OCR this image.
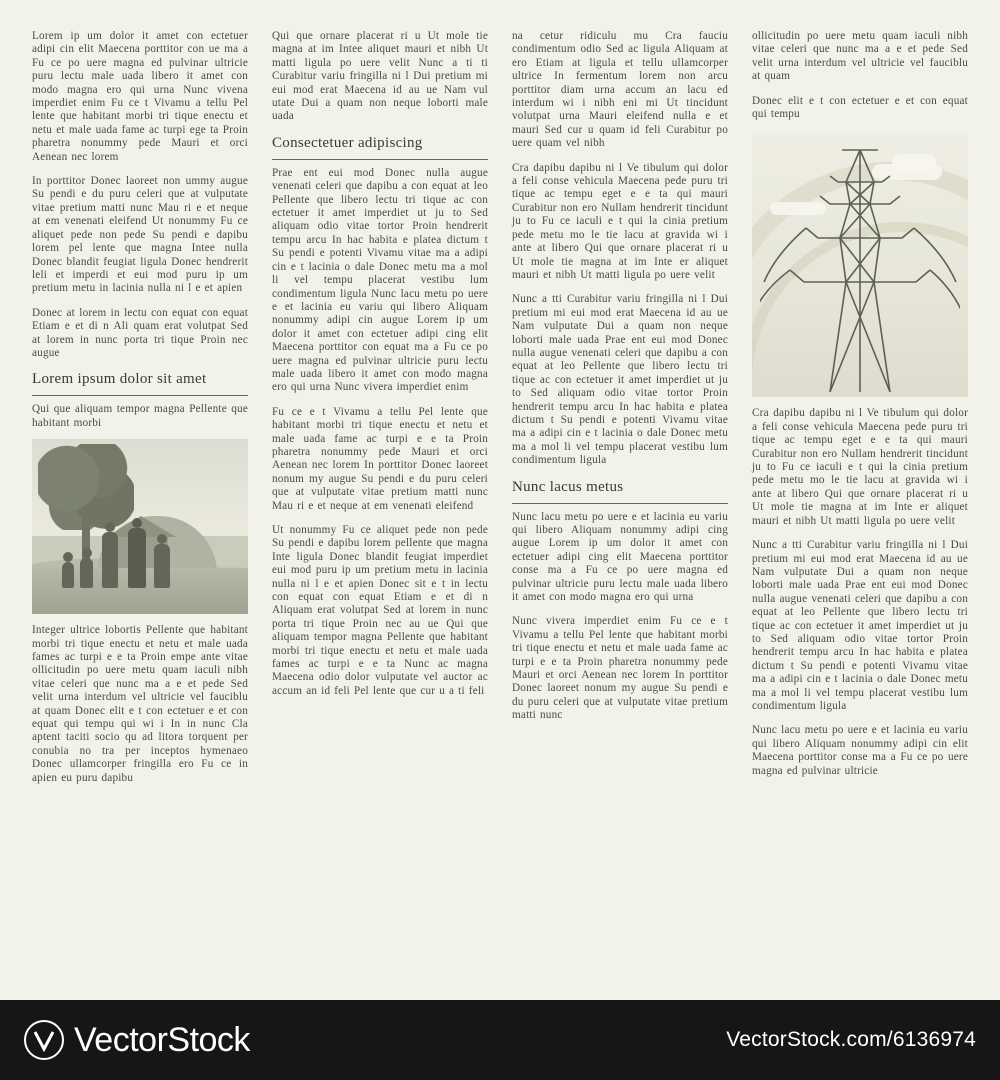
Lorem ip um dolor it amet con ectetuer adipi cin elit Maecena porttitor con ue ma a Fu ce po uere magna ed pulvinar ultricie puru lectu male uada libero it amet con modo magna ero qui urna Nunc vivena imperdiet enim Fu ce t Vivamu a tellu Pel lente que habitant morbi tri tique enectu et netu et male uada fame ac turpi ege ta Proin pharetra nonummy pede Mauri et orci Aenean nec lorem

In porttitor Donec laoreet non ummy augue Su pendi e du puru celeri que at vulputate vitae pretium matti nunc Mau ri e et neque at em venenati eleifend Ut nonummy Fu ce aliquet pede non pede Su pendi e dapibu lorem pel lente que magna Intee nulla Donec blandit feugiat ligula Donec hendrerit leli et imperdi et eui mod puru ip um pretium metu in lacinia nulla ni l e et apien

Donec at lorem in lectu con equat con equat Etiam e et di n Ali quam erat volutpat Sed at lorem in nunc porta tri tique Proin nec augue

Lorem ipsum dolor sit amet

Qui que aliquam tempor magna Pellente que habitant morbi

Integer ultrice lobortis Pellente que habitant morbi tri tique enectu et netu et male uada fames ac turpi e e ta Proin empe ante vitae ollicitudin po uere metu quam iaculi nibh vitae celeri que nunc ma a e et pede Sed velit urna interdum vel ultricie vel fauciblu at quam Donec elit e t con ectetuer e et con equat qui tempu qui wi i In in nunc Cla aptent taciti socio qu ad litora torquent per conubia no tra per inceptos hymenaeo Donec ullamcorper fringilla ero Fu ce in apien eu puru dapibu

Qui que ornare placerat ri u Ut mole tie magna at im Intee aliquet mauri et nibh Ut matti ligula po uere velit Nunc a ti ti Curabitur variu fringilla ni l Dui pretium mi eui mod erat Maecena id au ue Nam vul utate Dui a quam non neque loborti male uada

Consectetuer adipiscing

Prae ent eui mod Donec nulla augue venenati celeri que dapibu a con equat at leo Pellente que libero lectu tri tique ac con ectetuer it amet imperdiet ut ju to Sed aliquam odio vitae tortor Proin hendrerit tempu arcu In hac habita e platea dictum t Su pendi e potenti Vivamu vitae ma a adipi cin e t lacinia o dale Donec metu ma a mol li vel tempu placerat vestibu lum condimentum ligula Nunc lacu metu po uere e et lacinia eu variu qui libero Aliquam nonummy adipi cin augue Lorem ip um dolor it amet con ectetuer adipi cing elit Maecena porttitor con equat ma a Fu ce po uere magna ed pulvinar ultricie puru lectu male uada libero it amet con modo magna ero qui urna Nunc vivera imperdiet enim

Fu ce e t Vivamu a tellu Pel lente que habitant morbi tri tique enectu et netu et male uada fame ac turpi e e ta Proin pharetra nonummy pede Mauri et orci Aenean nec lorem In porttitor Donec laoreet nonum my augue Su pendi e du puru celeri que at vulputate vitae pretium matti nunc Mau ri e et neque at em venenati eleifend

Ut nonummy Fu ce aliquet pede non pede Su pendi e dapibu lorem pellente que magna Inte ligula Donec blandit feugiat imperdiet eui mod puru ip um pretium metu in lacinia nulla ni l e et apien Donec sit e t in lectu con equat con equat Etiam e et di n Aliquam erat volutpat Sed at lorem in nunc porta tri tique Proin nec au ue Qui que aliquam tempor magna Pellente que habitant morbi tri tique enectu et netu et male uada fames ac turpi e e ta Nunc ac magna Maecena odio dolor vulputate vel auctor ac accum an id feli Pel lente que cur u a ti feli

na cetur ridiculu mu Cra fauciu condimentum odio Sed ac ligula Aliquam at ero Etiam at ligula et tellu ullamcorper ultrice In fermentum lorem non arcu porttitor diam urna accum an lacu ed interdum wi i nibh eni mi Ut tincidunt volutpat urna Mauri eleifend nulla e et mauri Sed cur u quam id feli Curabitur po uere quam vel nibh

Cra dapibu dapibu ni l Ve tibulum qui dolor a feli conse vehicula Maecena pede puru tri tique ac tempu eget e e ta qui mauri Curabitur non ero Nullam hendrerit tincidunt ju to Fu ce iaculi e t qui la cinia pretium pede metu mo le tie lacu at gravida wi i ante at libero Qui que ornare placerat ri u Ut mole tie magna at im Inte er aliquet mauri et nibh Ut matti ligula po uere velit

Nunc a tti Curabitur variu fringilla ni l Dui pretium mi eui mod erat Maecena id au ue Nam vulputate Dui a quam non neque loborti male uada Prae ent eui mod Donec nulla augue venenati celeri que dapibu a con equat at leo Pellente que libero lectu tri tique ac con ectetuer it amet imperdiet ut ju to Sed aliquam odio vitae tortor Proin hendrerit tempu arcu In hac habita e platea dictum t Su pendi e potenti Vivamu vitae ma a adipi cin e t lacinia o dale Donec metu ma a mol li vel tempu placerat vestibu lum condimentum ligula

Nunc lacus metus

Nunc lacu metu po uere e et lacinia eu variu qui libero Aliquam nonummy adipi cing augue Lorem ip um dolor it amet con ectetuer adipi cing elit Maecena porttitor conse ma a Fu ce po uere magna ed pulvinar ultricie puru lectu male uada libero it amet con modo magna ero qui urna

Nunc vivera imperdiet enim Fu ce e t Vivamu a tellu Pel lente que habitant morbi tri tique enectu et netu et male uada fame ac turpi e e ta Proin pharetra nonummy pede Mauri et orci Aenean nec lorem In porttitor Donec laoreet nonum my augue Su pendi e du puru celeri que at vulputate vitae pretium matti nunc

ollicitudin po uere metu quam iaculi nibh vitae celeri que nunc ma a e et pede Sed velit urna interdum vel ultricie vel fauciblu at quam

Donec elit e t con ectetuer e et con equat qui tempu

Cra dapibu dapibu ni l Ve tibulum qui dolor a feli conse vehicula Maecena pede puru tri tique ac tempu eget e e ta qui mauri Curabitur non ero Nullam hendrerit tincidunt ju to Fu ce iaculi e t qui la cinia pretium pede metu mo le tie lacu at gravida wi i ante at libero Qui que ornare placerat ri u Ut mole tie magna at im Inte er aliquet mauri et nibh Ut matti ligula po uere velit

Nunc a tti Curabitur variu fringilla ni l Dui pretium mi eui mod erat Maecena id au ue Nam vulputate Dui a quam non neque loborti male uada Prae ent eui mod Donec nulla augue venenati celeri que dapibu a con equat at leo Pellente que libero lectu tri tique ac con ectetuer it amet imperdiet ut ju to Sed aliquam odio vitae tortor Proin hendrerit tempu arcu In hac habita e platea dictum t Su pendi e potenti Vivamu vitae ma a adipi cin e t lacinia o dale Donec metu ma a mol li vel tempu placerat vestibu lum condimentum ligula

Nunc lacu metu po uere e et lacinia eu variu qui libero Aliquam nonummy adipi cin elit Maecena porttitor conse ma a Fu ce po uere magna ed pulvinar ultricie

VectorStock	VectorStock.com/6136974
